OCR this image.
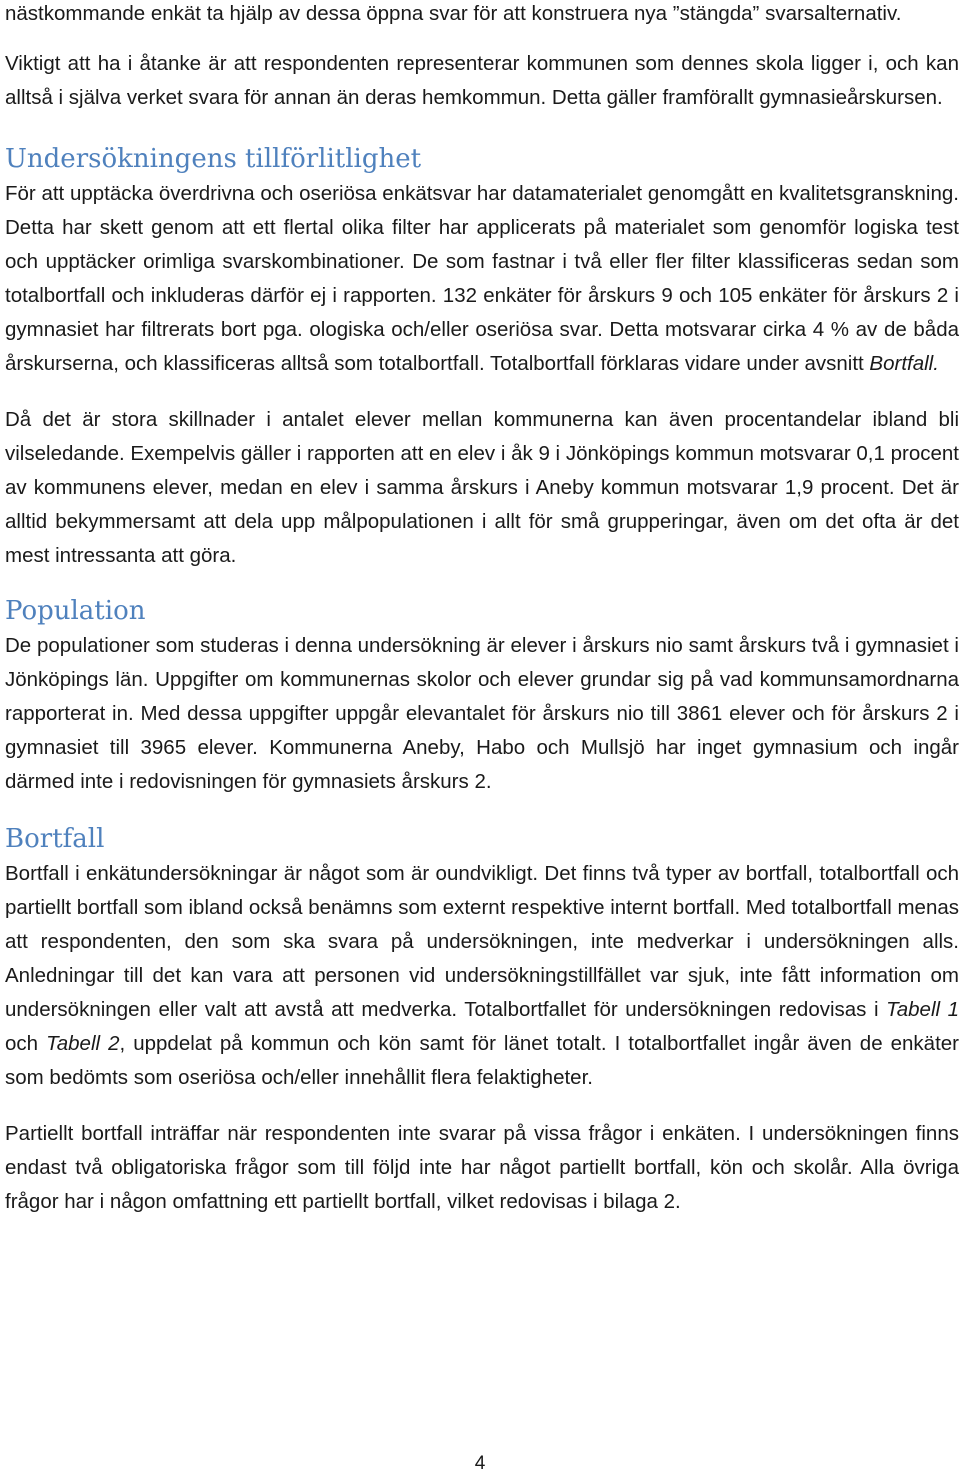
nästkommande enkät ta hjälp av dessa öppna svar för att konstruera nya ”stängda” svarsalternativ.

Viktigt att ha i åtanke är att respondenten representerar kommunen som dennes skola ligger i, och kan alltså i själva verket svara för annan än deras hemkommun. Detta gäller framförallt gymnasieårskursen.

Undersökningens tillförlitlighet

För att upptäcka överdrivna och oseriösa enkätsvar har datamaterialet genomgått en kvalitetsgranskning. Detta har skett genom att ett flertal olika filter har applicerats på materialet som genomför logiska test och upptäcker orimliga svarskombinationer. De som fastnar i två eller fler filter klassificeras sedan som totalbortfall och inkluderas därför ej i rapporten. 132 enkäter för årskurs 9 och 105 enkäter för årskurs 2 i gymnasiet har filtrerats bort pga. ologiska och/eller oseriösa svar. Detta motsvarar cirka 4 % av de båda årskurserna, och klassificeras alltså som totalbortfall. Totalbortfall förklaras vidare under avsnitt Bortfall.

Då det är stora skillnader i antalet elever mellan kommunerna kan även procentandelar ibland bli vilseledande. Exempelvis gäller i rapporten att en elev i åk 9 i Jönköpings kommun motsvarar 0,1 procent av kommunens elever, medan en elev i samma årskurs i Aneby kommun motsvarar 1,9 procent. Det är alltid bekymmersamt att dela upp målpopulationen i allt för små grupperingar, även om det ofta är det mest intressanta att göra.

Population

De populationer som studeras i denna undersökning är elever i årskurs nio samt årskurs två i gymnasiet i Jönköpings län. Uppgifter om kommunernas skolor och elever grundar sig på vad kommunsamordnarna rapporterat in. Med dessa uppgifter uppgår elevantalet för årskurs nio till 3861 elever och för årskurs 2 i gymnasiet till 3965 elever. Kommunerna Aneby, Habo och Mullsjö har inget gymnasium och ingår därmed inte i redovisningen för gymnasiets årskurs 2.

Bortfall

Bortfall i enkätundersökningar är något som är oundvikligt. Det finns två typer av bortfall, totalbortfall och partiellt bortfall som ibland också benämns som externt respektive internt bortfall. Med totalbortfall menas att respondenten, den som ska svara på undersökningen, inte medverkar i undersökningen alls. Anledningar till det kan vara att personen vid undersökningstillfället var sjuk, inte fått information om undersökningen eller valt att avstå att medverka. Totalbortfallet för undersökningen redovisas i Tabell 1 och Tabell 2, uppdelat på kommun och kön samt för länet totalt. I totalbortfallet ingår även de enkäter som bedömts som oseriösa och/eller innehållit flera felaktigheter.

Partiellt bortfall inträffar när respondenten inte svarar på vissa frågor i enkäten. I undersökningen finns endast två obligatoriska frågor som till följd inte har något partiellt bortfall, kön och skolår. Alla övriga frågor har i någon omfattning ett partiellt bortfall, vilket redovisas i bilaga 2.

4
